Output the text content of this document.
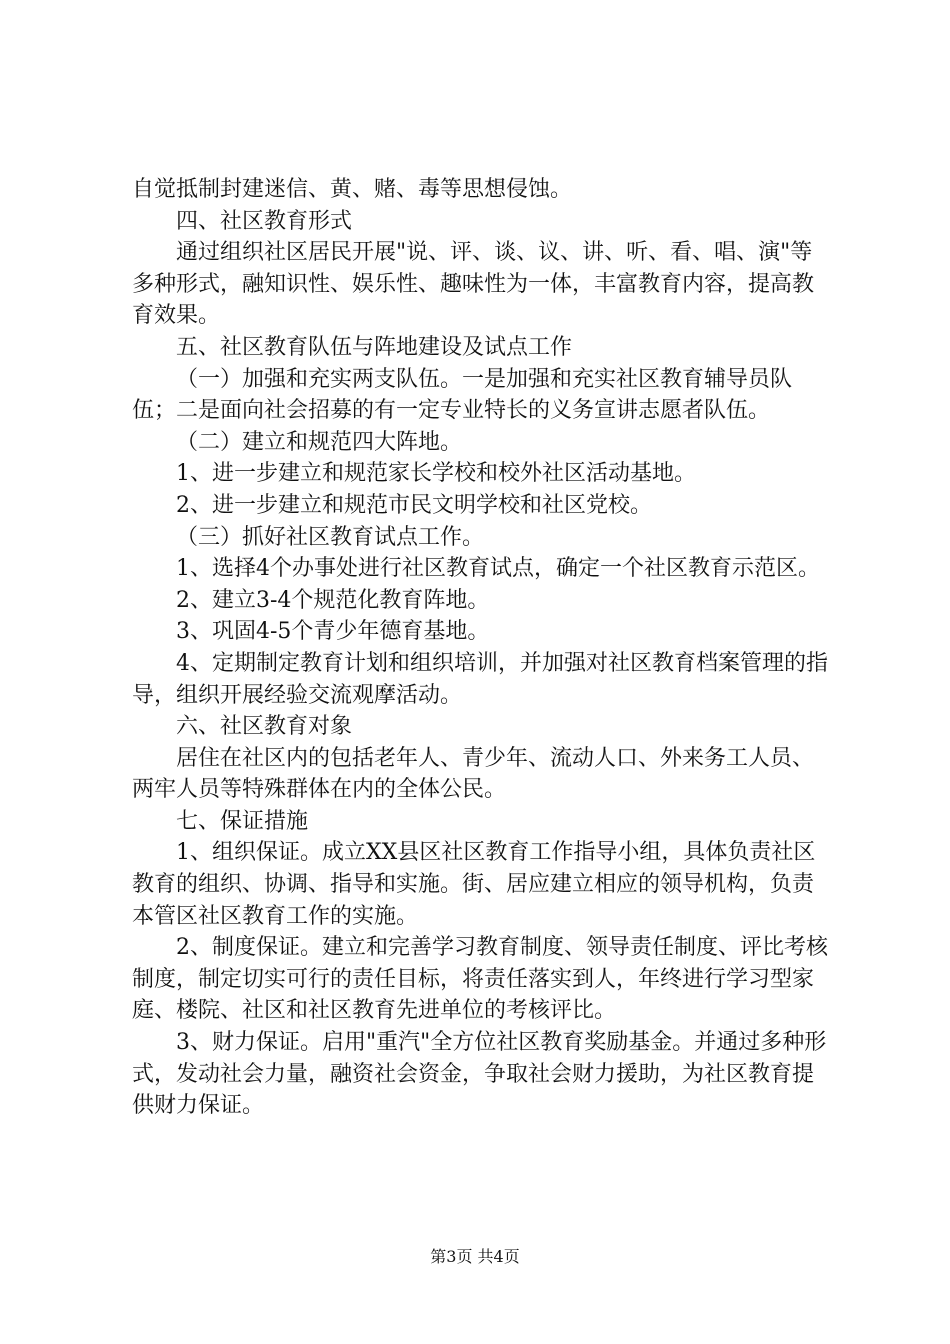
自觉抵制封建迷信、黄、赌、毒等思想侵蚀。

四、社区教育形式

通过组织社区居民开展"说、评、谈、议、讲、听、看、唱、演"等多种形式，融知识性、娱乐性、趣味性为一体，丰富教育内容，提高教育效果。

五、社区教育队伍与阵地建设及试点工作

（一）加强和充实两支队伍。一是加强和充实社区教育辅导员队伍；二是面向社会招募的有一定专业特长的义务宣讲志愿者队伍。

（二）建立和规范四大阵地。

1、进一步建立和规范家长学校和校外社区活动基地。

2、进一步建立和规范市民文明学校和社区党校。

（三）抓好社区教育试点工作。

1、选择4个办事处进行社区教育试点，确定一个社区教育示范区。

2、建立3-4个规范化教育阵地。

3、巩固4-5个青少年德育基地。

4、定期制定教育计划和组织培训，并加强对社区教育档案管理的指导，组织开展经验交流观摩活动。

六、社区教育对象

居住在社区内的包括老年人、青少年、流动人口、外来务工人员、两牢人员等特殊群体在内的全体公民。

七、保证措施

1、组织保证。成立XX县区社区教育工作指导小组，具体负责社区教育的组织、协调、指导和实施。街、居应建立相应的领导机构，负责本管区社区教育工作的实施。

2、制度保证。建立和完善学习教育制度、领导责任制度、评比考核制度，制定切实可行的责任目标，将责任落实到人，年终进行学习型家庭、楼院、社区和社区教育先进单位的考核评比。

3、财力保证。启用"重汽"全方位社区教育奖励基金。并通过多种形式，发动社会力量，融资社会资金，争取社会财力援助，为社区教育提供财力保证。

第3页 共4页
